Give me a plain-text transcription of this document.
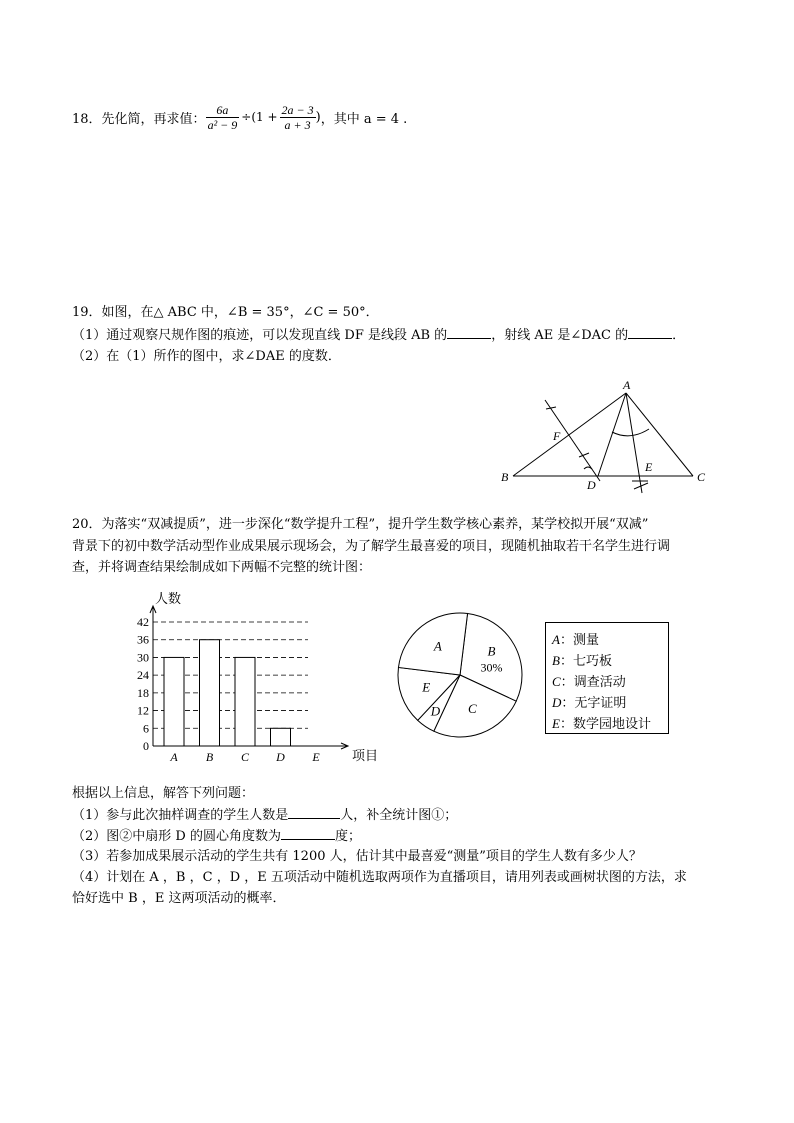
18． 先化简，再求值： $\frac{6a}{\text{a² − 9}} \div(1 + \frac{2a - 3}{a + 3}$ ) ，其中 a = 4 .
19．如图，在△ ABC 中，∠B = 35°，∠C = 50°．
（1）通过观察尺规作图的痕迹，可以发现直线 DF 是线段 AB 的	，射线 AE 是∠DAC 的	．
（2）在（1）所作的图中，求∠DAE 的度数．
A
B	C
D
E
F
20．为落实“双减提质”，进一步深化“数学提升工程”，提升学生数学核心素养，某学校拟开展“双减”
背景下的初中数学活动型作业成果展示现场会，为了解学生最喜爱的项目，现随机抽取若干名学生进行调
查，并将调查结果绘制成如下两幅不完整的统计图：
0
6
12
18
24
30
36
42
人数
项目
A B C D E
B
30%
C
D
E
A	A：测量
B：七巧板
C：调查活动
D：无字证明
E：数学园地设计
根据以上信息，解答下列问题：
（1）参与此次抽样调查的学生人数是	人，补全统计图①；
（2）图②中扇形 D 的圆心角度数为	度；
（3）若参加成果展示活动的学生共有 1200 人，估计其中最喜爱“测量”项目的学生人数有多少人？
（4）计划在 A ，B ，C ，D ，E 五项活动中随机选取两项作为直播项目，请用列表或画树状图的方法，求
恰好选中 B ，E 这两项活动的概率．
